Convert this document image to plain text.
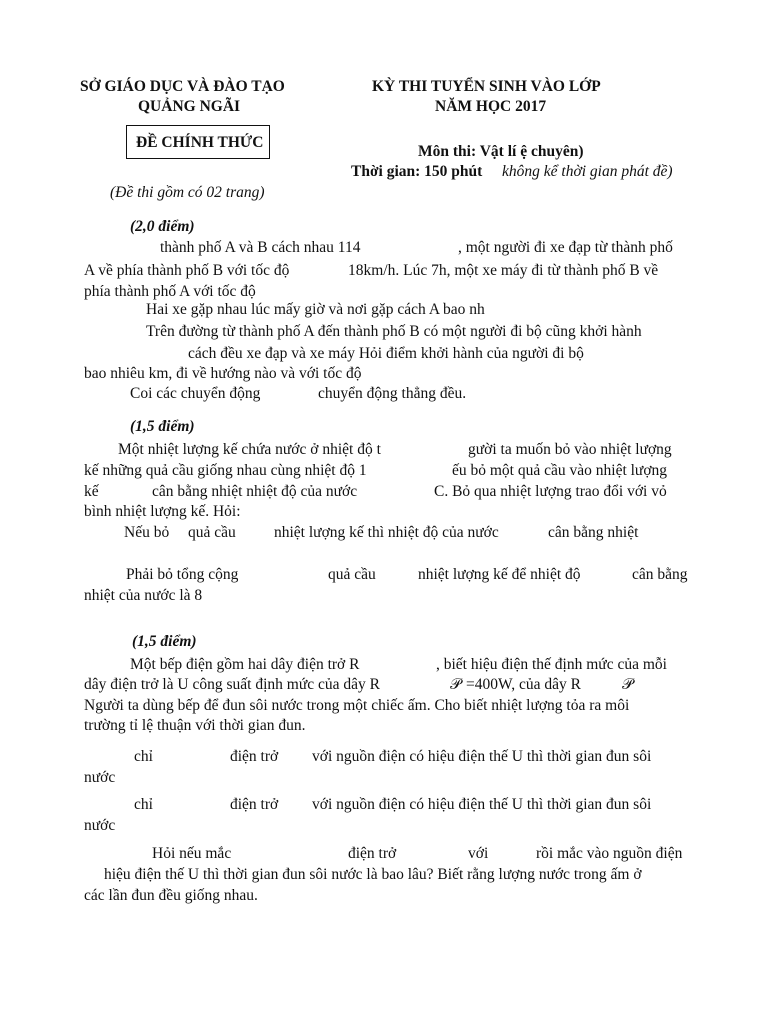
SỞ GIÁO DỤC VÀ ĐÀO TẠO
QUẢNG NGÃI
KỲ THI TUYỂN SINH VÀO LỚP
NĂM HỌC 2017
ĐỀ CHÍNH THỨC
Môn thi: Vật lí ệ chuyên)
Thời gian: 150 phút không kể thời gian phát đề)
(Đề thi gồm có 02 trang)
(2,0 điểm)
thành phố A và B cách nhau 114	, một người đi xe đạp từ thành phố
A về phía thành phố B với tốc độ	18km/h. Lúc 7h, một xe máy đi từ thành phố B về
phía thành phố A với tốc độ
Hai xe gặp nhau lúc mấy giờ và nơi gặp cách A bao nh
Trên đường từ thành phố A đến thành phố B có một người đi bộ cũng khởi hành
cách đều xe đạp và xe máy Hỏi điểm khởi hành của người đi bộ
bao nhiêu km, đi về hướng nào và với tốc độ
Coi các chuyển động	chuyển động thẳng đều.
(1,5 điểm)
Một nhiệt lượng kế chứa nước ở nhiệt độ t	gười ta muốn bỏ vào nhiệt lượng
kế những quả cầu giống nhau cùng nhiệt độ 1	ếu bỏ một quả cầu vào nhiệt lượng
kế	cân bằng nhiệt nhiệt độ của nước	C. Bỏ qua nhiệt lượng trao đổi với vỏ
bình nhiệt lượng kế. Hỏi:
Nếu bỏ quả cầu nhiệt lượng kế thì nhiệt độ của nước	cân bằng nhiệt
Phải bỏ tổng cộng	quả cầu	nhiệt lượng kế để nhiệt độ	cân bằng
nhiệt của nước là 8
(1,5 điểm)
Một bếp điện gồm hai dây điện trở R	, biết hiệu điện thế định mức của mỗi
dây điện trở là U công suất định mức của dây R	𝒫 =400W, của dây R	𝒫
Người ta dùng bếp để đun sôi nước trong một chiếc ấm. Cho biết nhiệt lượng tỏa ra môi
trường tỉ lệ thuận với thời gian đun.
chỉ	điện trở với nguồn điện có hiệu điện thế U thì thời gian đun sôi
nước
chỉ	điện trở với nguồn điện có hiệu điện thế U thì thời gian đun sôi
nước
Hỏi nếu mắc	điện trở	với	rồi mắc vào nguồn điện
hiệu điện thế U thì thời gian đun sôi nước là bao lâu? Biết rằng lượng nước trong ấm ở
các lần đun đều giống nhau.
